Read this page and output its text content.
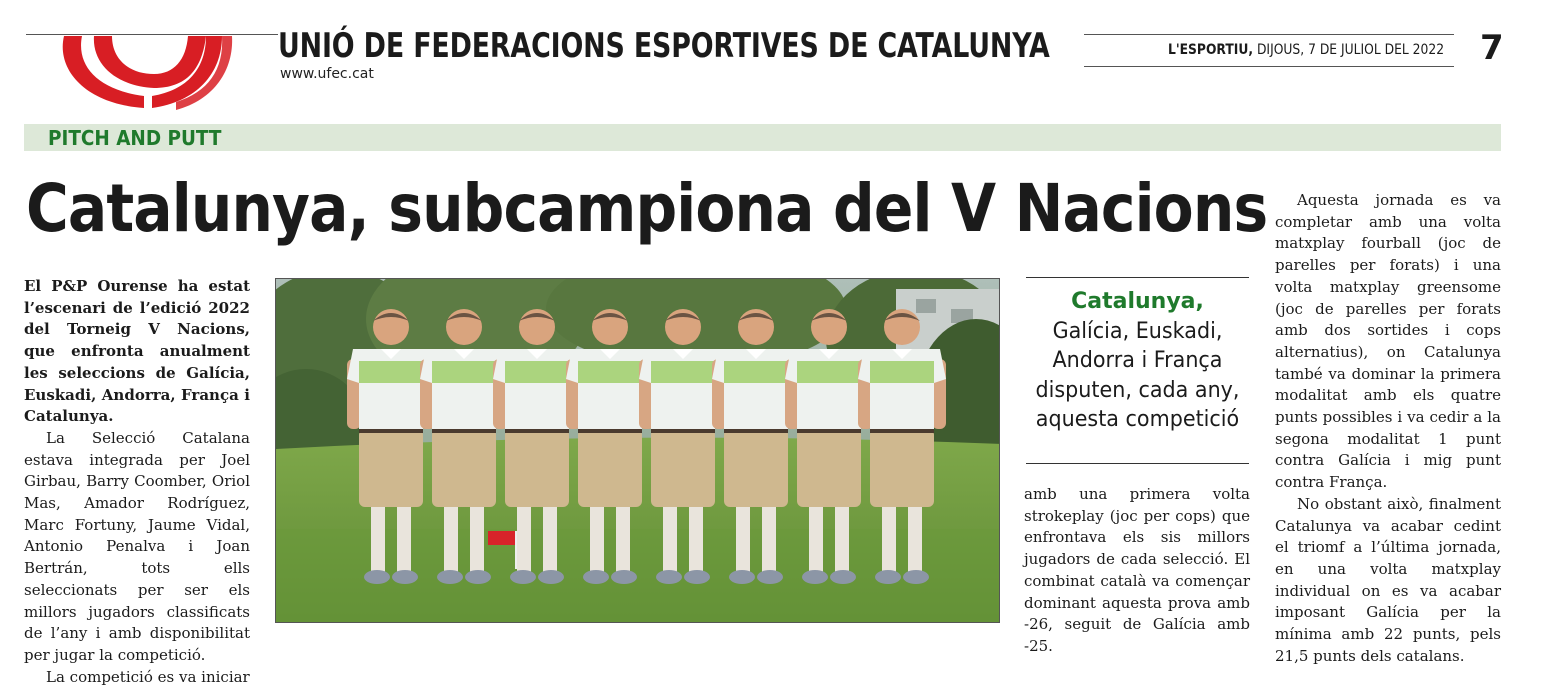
UNIÓ DE FEDERACIONS ESPORTIVES DE CATALUNYA
www.ufec.cat
L'ESPORTIU, DIJOUS, 7 DE JULIOL DEL 2022 7
PITCH AND PUTT
Catalunya, subcampiona del V Nacions

El P&P Ourense ha estat l’escenari de l’edició 2022 del Torneig V Nacions, que enfronta anualment les seleccions de Galícia, Euskadi, Andorra, França i Catalunya.

La Selecció Catalana estava integrada per Joel Girbau, Barry Coomber, Oriol Mas, Amador Rodríguez, Marc Fortuny, Jaume Vidal, Antonio Penalva i Joan Bertrán, tots ells seleccionats per ser els millors jugadors classificats de l’any i amb disponibilitat per jugar la competició.

La competició es va iniciar

Catalunya,
Galícia, Euskadi, Andorra i França disputen, cada any, aquesta competició

amb una primera volta strokeplay (joc per cops) que enfrontava els sis millors jugadors de cada selecció. El combinat català va començar dominant aquesta prova amb -26, seguit de Galícia amb -25.

Aquesta jornada es va completar amb una volta matxplay fourball (joc de parelles per forats) i una volta matxplay greensome (joc de parelles per forats amb dos sortides i cops alternatius), on Catalunya també va dominar la primera modalitat amb els quatre punts possibles i va cedir a la segona modalitat 1 punt contra Galícia i mig punt contra França.

No obstant això, finalment Catalunya va acabar cedint el triomf a l’última jornada, en una volta matxplay individual on es va acabar imposant Galícia per la mínima amb 22 punts, pels 21,5 punts dels catalans.
